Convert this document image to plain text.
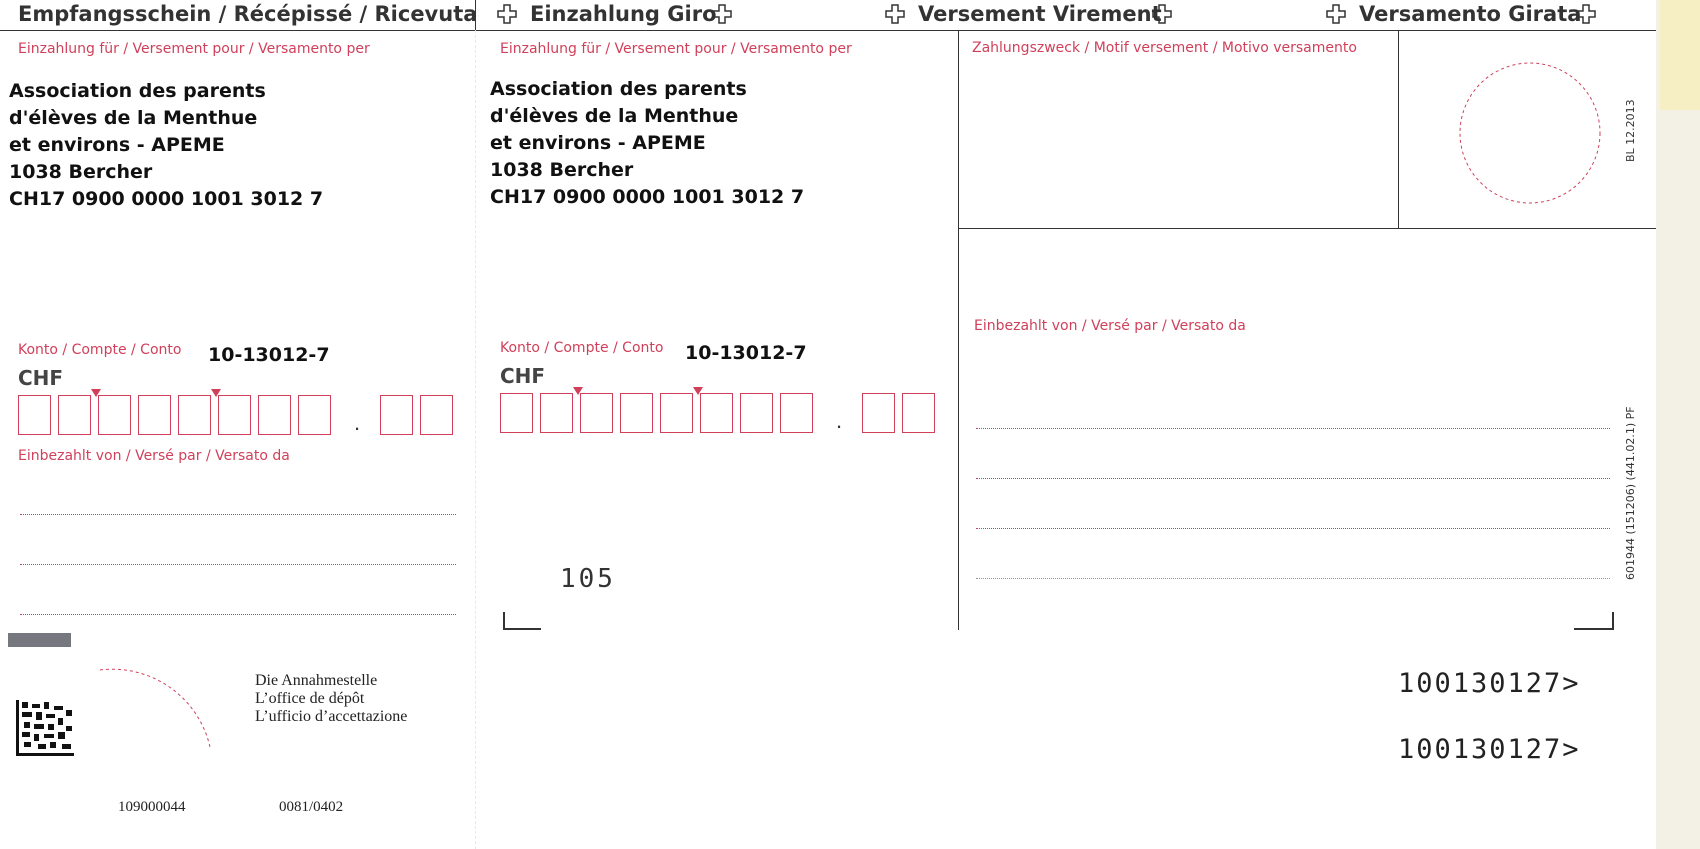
Empfangsschein / Récépissé / Ricevuta	Einzahlung Giro	Versement Virement	Versamento Girata
Einzahlung für / Versement pour / Versamento per
Association des parents
d'élèves de la Menthue
et environs - APEME
1038 Bercher
CH17 0900 0000 1001 3012 7
Konto / Compte / Conto 10-13012-7
CHF
.
Einbezahlt von / Versé par / Versato da
Die Annahmestelle
L’office de dépôt
L’ufficio d’accettazione
109000044	0081/0402
Einzahlung für / Versement pour / Versamento per
Association des parents
d'élèves de la Menthue
et environs - APEME
1038 Bercher
CH17 0900 0000 1001 3012 7
Konto / Compte / Conto 10-13012-7
CHF
.
105
Zahlungszweck / Motif versement / Motivo versamento
BL 12.2013
Einbezahlt von / Versé par / Versato da
601944 (151206) (441.02.1) PF
100130127>
100130127>
